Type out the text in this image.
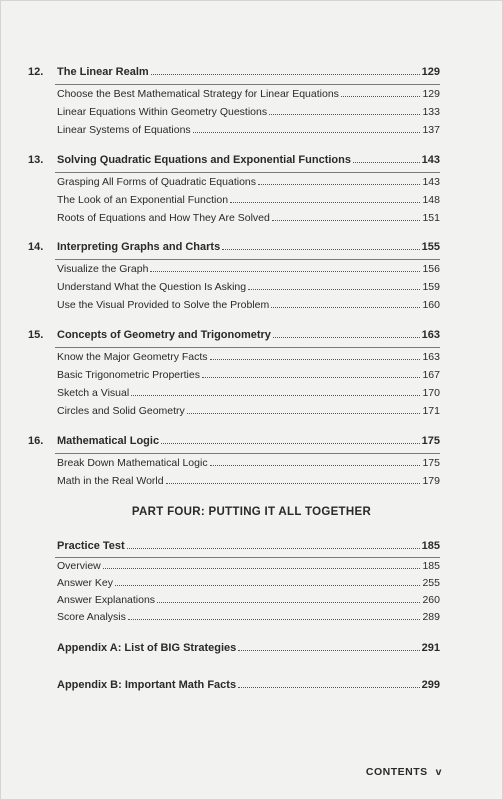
12. The Linear Realm	129
Choose the Best Mathematical Strategy for Linear Equations	129
Linear Equations Within Geometry Questions	133
Linear Systems of Equations	137
13. Solving Quadratic Equations and Exponential Functions	143
Grasping All Forms of Quadratic Equations	143
The Look of an Exponential Function	148
Roots of Equations and How They Are Solved	151
14. Interpreting Graphs and Charts	155
Visualize the Graph	156
Understand What the Question Is Asking	159
Use the Visual Provided to Solve the Problem	160
15. Concepts of Geometry and Trigonometry	163
Know the Major Geometry Facts	163
Basic Trigonometric Properties	167
Sketch a Visual	170
Circles and Solid Geometry	171
16. Mathematical Logic	175
Break Down Mathematical Logic	175
Math in the Real World	179
PART FOUR: PUTTING IT ALL TOGETHER
Practice Test	185
Overview	185
Answer Key	255
Answer Explanations	260
Score Analysis	289
Appendix A: List of BIG Strategies	291
Appendix B: Important Math Facts	299
CONTENTS v
